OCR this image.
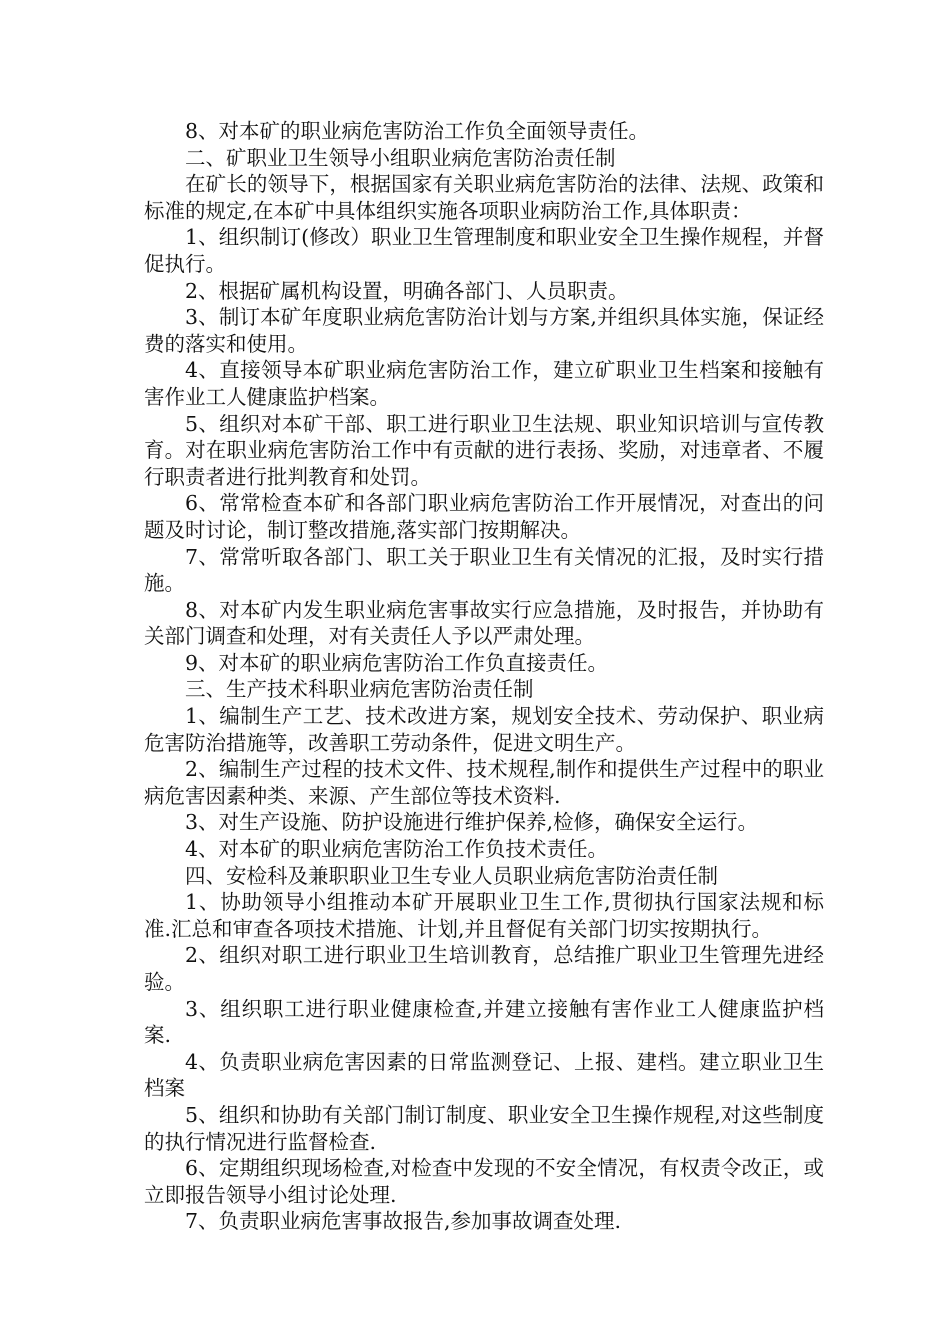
8、对本矿的职业病危害防治工作负全面领导责任。

二、矿职业卫生领导小组职业病危害防治责任制

在矿长的领导下，根据国家有关职业病危害防治的法律、法规、政策和标准的规定,在本矿中具体组织实施各项职业病防治工作,具体职责：

1、组织制订(修改）职业卫生管理制度和职业安全卫生操作规程，并督促执行。

2、根据矿属机构设置，明确各部门、人员职责。

3、制订本矿年度职业病危害防治计划与方案,并组织具体实施，保证经费的落实和使用。

4、直接领导本矿职业病危害防治工作，建立矿职业卫生档案和接触有害作业工人健康监护档案。

5、组织对本矿干部、职工进行职业卫生法规、职业知识培训与宣传教育。对在职业病危害防治工作中有贡献的进行表扬、奖励，对违章者、不履行职责者进行批判教育和处罚。

6、常常检查本矿和各部门职业病危害防治工作开展情况，对查出的问题及时讨论，制订整改措施,落实部门按期解决。

7、常常听取各部门、职工关于职业卫生有关情况的汇报，及时实行措施。

8、对本矿内发生职业病危害事故实行应急措施，及时报告，并协助有关部门调查和处理，对有关责任人予以严肃处理。

9、对本矿的职业病危害防治工作负直接责任。

三、生产技术科职业病危害防治责任制

1、编制生产工艺、技术改进方案，规划安全技术、劳动保护、职业病危害防治措施等，改善职工劳动条件，促进文明生产。

2、编制生产过程的技术文件、技术规程,制作和提供生产过程中的职业病危害因素种类、来源、产生部位等技术资料.

3、对生产设施、防护设施进行维护保养,检修，确保安全运行。

4、对本矿的职业病危害防治工作负技术责任。

四、安检科及兼职职业卫生专业人员职业病危害防治责任制

1、协助领导小组推动本矿开展职业卫生工作,贯彻执行国家法规和标准.汇总和审查各项技术措施、计划,并且督促有关部门切实按期执行。

2、组织对职工进行职业卫生培训教育，总结推广职业卫生管理先进经验。

3、组织职工进行职业健康检查,并建立接触有害作业工人健康监护档案.

4、负责职业病危害因素的日常监测登记、上报、建档。建立职业卫生档案

5、组织和协助有关部门制订制度、职业安全卫生操作规程,对这些制度的执行情况进行监督检查.

6、定期组织现场检查,对检查中发现的不安全情况，有权责令改正，或立即报告领导小组讨论处理.

7、负责职业病危害事故报告,参加事故调查处理.
